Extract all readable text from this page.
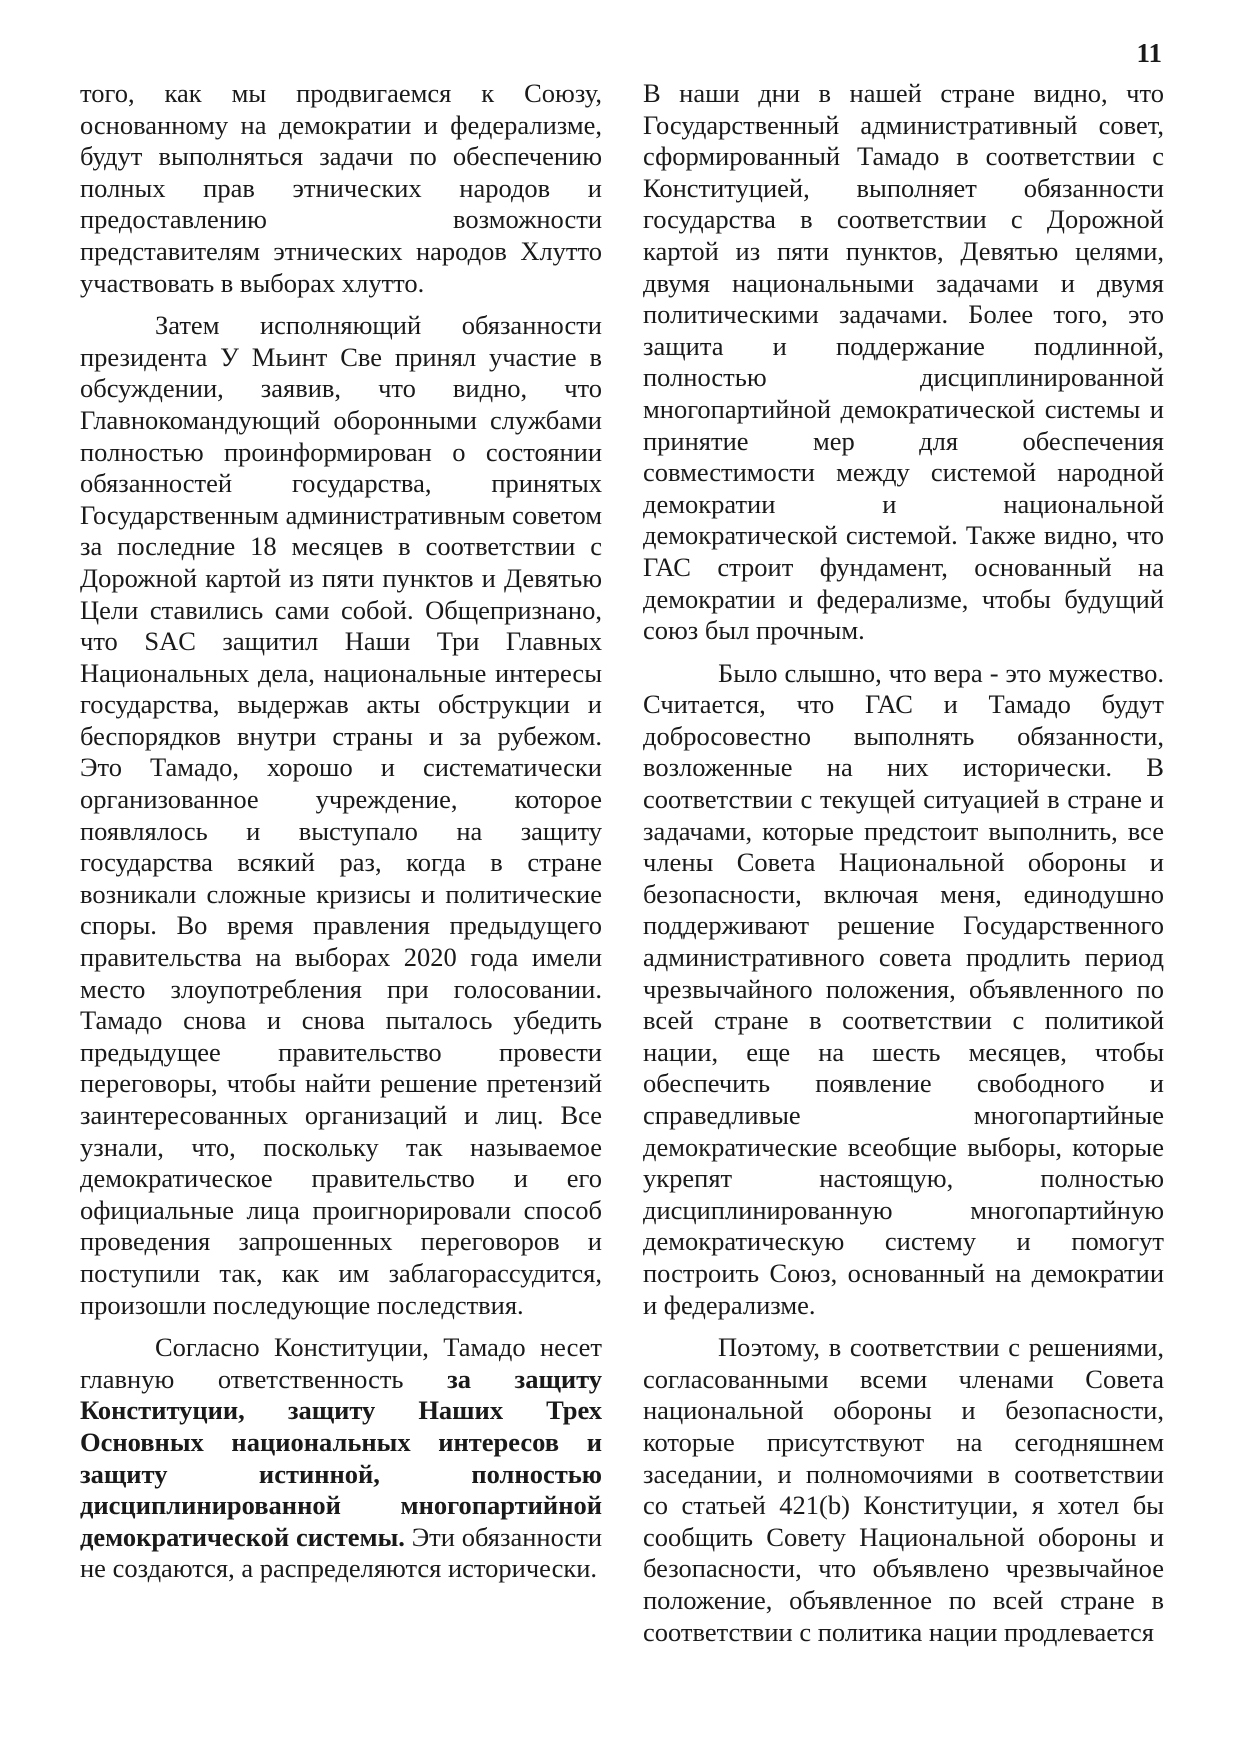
11

того, как мы продвигаемся к Союзу, основанному на демократии и федерализме, будут выполняться задачи по обеспечению полных прав этнических народов и предоставлению возможности представителям этнических народов Хлутто участвовать в выборах хлутто.

Затем исполняющий обязанности президента У Мьинт Све принял участие в обсуждении, заявив, что видно, что Главнокомандующий оборонными службами полностью проинформирован о состоянии обязанностей государства, принятых Государственным административным советом за последние 18 месяцев в соответствии с Дорожной картой из пяти пунктов и Девятью Цели ставились сами собой. Общепризнано, что SAC защитил Наши Три Главных Национальных дела, национальные интересы государства, выдержав акты обструкции и беспорядков внутри страны и за рубежом. Это Тамадо, хорошо и систематически организованное учреждение, которое появлялось и выступало на защиту государства всякий раз, когда в стране возникали сложные кризисы и политические споры. Во время правления предыдущего правительства на выборах 2020 года имели место злоупотребления при голосовании. Тамадо снова и снова пыталось убедить предыдущее правительство провести переговоры, чтобы найти решение претензий заинтересованных организаций и лиц. Все узнали, что, поскольку так называемое демократическое правительство и его официальные лица проигнорировали способ проведения запрошенных переговоров и поступили так, как им заблагорассудится, произошли последующие последствия.

Согласно Конституции, Тамадо несет главную ответственность за защиту Конституции, защиту Наших Трех Основных национальных интересов и защиту истинной, полностью дисциплинированной многопартийной демократической системы. Эти обязанности не создаются, а распределяются исторически.

В наши дни в нашей стране видно, что Государственный административный совет, сформированный Тамадо в соответствии с Конституцией, выполняет обязанности государства в соответствии с Дорожной картой из пяти пунктов, Девятью целями, двумя национальными задачами и двумя политическими задачами. Более того, это защита и поддержание подлинной, полностью дисциплинированной многопартийной демократической системы и принятие мер для обеспечения совместимости между системой народной демократии и национальной демократической системой. Также видно, что ГАС строит фундамент, основанный на демократии и федерализме, чтобы будущий союз был прочным.

Было слышно, что вера - это мужество. Считается, что ГАС и Тамадо будут добросовестно выполнять обязанности, возложенные на них исторически. В соответствии с текущей ситуацией в стране и задачами, которые предстоит выполнить, все члены Совета Национальной обороны и безопасности, включая меня, единодушно поддерживают решение Государственного административного совета продлить период чрезвычайного положения, объявленного по всей стране в соответствии с политикой нации, еще на шесть месяцев, чтобы обеспечить появление свободного и справедливые многопартийные демократические всеобщие выборы, которые укрепят настоящую, полностью дисциплинированную многопартийную демократическую систему и помогут построить Союз, основанный на демократии и федерализме.

Поэтому, в соответствии с решениями, согласованными всеми членами Совета национальной обороны и безопасности, которые присутствуют на сегодняшнем заседании, и полномочиями в соответствии со статьей 421(b) Конституции, я хотел бы сообщить Совету Национальной обороны и безопасности, что объявлено чрезвычайное положение, объявленное по всей стране в соответствии с политика нации продлевается
